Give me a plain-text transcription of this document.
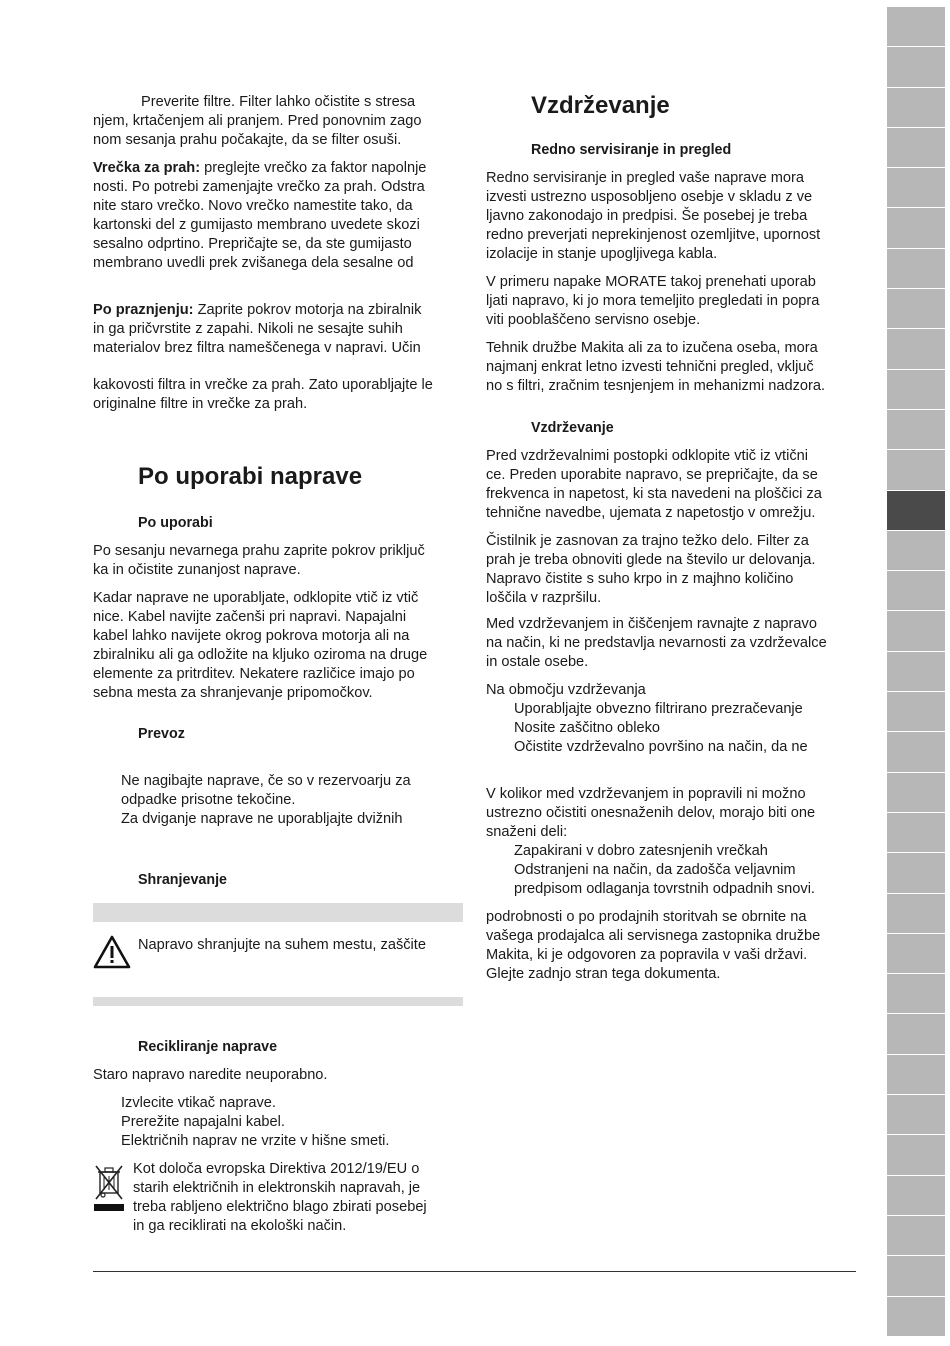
Preverite filtre. Filter lahko očistite s stresa
njem, krtačenjem ali pranjem. Pred ponovnim zago
nom sesanja prahu počakajte, da se filter osuši.

Vrečka za prah: preglejte vrečko za faktor napolnje
nosti. Po potrebi zamenjajte vrečko za prah. Odstra
nite staro vrečko. Novo vrečko namestite tako, da
kartonski del z gumijasto membrano uvedete skozi
sesalno odprtino. Prepričajte se, da ste gumijasto
membrano uvedli prek zvišanega dela sesalne od

Po praznjenju: Zaprite pokrov motorja na zbiralnik
in ga pričvrstite z zapahi. Nikoli ne sesajte suhih
materialov brez filtra nameščenega v napravi. Učin

kakovosti filtra in vrečke za prah. Zato uporabljajte le
originalne filtre in vrečke za prah.

Po uporabi naprave
Po uporabi

Po sesanju nevarnega prahu zaprite pokrov priključ
ka in očistite zunanjost naprave.

Kadar naprave ne uporabljate, odklopite vtič iz vtič
nice. Kabel navijte začenši pri napravi. Napajalni
kabel lahko navijete okrog pokrova motorja ali na
zbiralniku ali ga odložite na kljuko oziroma na druge
elemente za pritrditev. Nekatere različice imajo po
sebna mesta za shranjevanje pripomočkov.

Prevoz

Ne nagibajte naprave, če so v rezervoarju za
odpadke prisotne tekočine.
Za dviganje naprave ne uporabljajte dvižnih

Shranjevanje

Napravo shranjujte na suhem mestu, zaščite

Recikliranje naprave

Staro napravo naredite neuporabno.

Izvlecite vtikač naprave.
Prerežite napajalni kabel.
Električnih naprav ne vrzite v hišne smeti.

Kot določa evropska Direktiva 2012/19/EU o
starih električnih in elektronskih napravah, je
treba rabljeno električno blago zbirati posebej
in ga reciklirati na ekološki način.

Vzdrževanje
Redno servisiranje in pregled

Redno servisiranje in pregled vaše naprave mora
izvesti ustrezno usposobljeno osebje v skladu z ve
ljavno zakonodajo in predpisi. Še posebej je treba
redno preverjati neprekinjenost ozemljitve, upornost
izolacije in stanje upogljivega kabla.

V primeru napake MORATE takoj prenehati uporab
ljati napravo, ki jo mora temeljito pregledati in popra
viti pooblaščeno servisno osebje.

Tehnik družbe Makita ali za to izučena oseba, mora
najmanj enkrat letno izvesti tehnični pregled, vključ
no s filtri, zračnim tesnjenjem in mehanizmi nadzora.

Vzdrževanje

Pred vzdrževalnimi postopki odklopite vtič iz vtični
ce. Preden uporabite napravo, se prepričajte, da se
frekvenca in napetost, ki sta navedeni na ploščici za
tehnične navedbe, ujemata z napetostjo v omrežju.

Čistilnik je zasnovan za trajno težko delo. Filter za
prah je treba obnoviti glede na število ur delovanja.
Napravo čistite s suho krpo in z majhno količino
loščila v razpršilu.

Med vzdrževanjem in čiščenjem ravnajte z napravo
na način, ki ne predstavlja nevarnosti za vzdrževalce
in ostale osebe.

Na območju vzdrževanja

Uporabljajte obvezno filtrirano prezračevanje
Nosite zaščitno obleko
Očistite vzdrževalno površino na način, da ne

V kolikor med vzdrževanjem in popravili ni možno
ustrezno očistiti onesnaženih delov, morajo biti one
snaženi deli:

Zapakirani v dobro zatesnjenih vrečkah
Odstranjeni na način, da zadošča veljavnim
predpisom odlaganja tovrstnih odpadnih snovi.

podrobnosti o po prodajnih storitvah se obrnite na
vašega prodajalca ali servisnega zastopnika družbe
Makita, ki je odgovoren za popravila v vaši državi.
Glejte zadnjo stran tega dokumenta.
